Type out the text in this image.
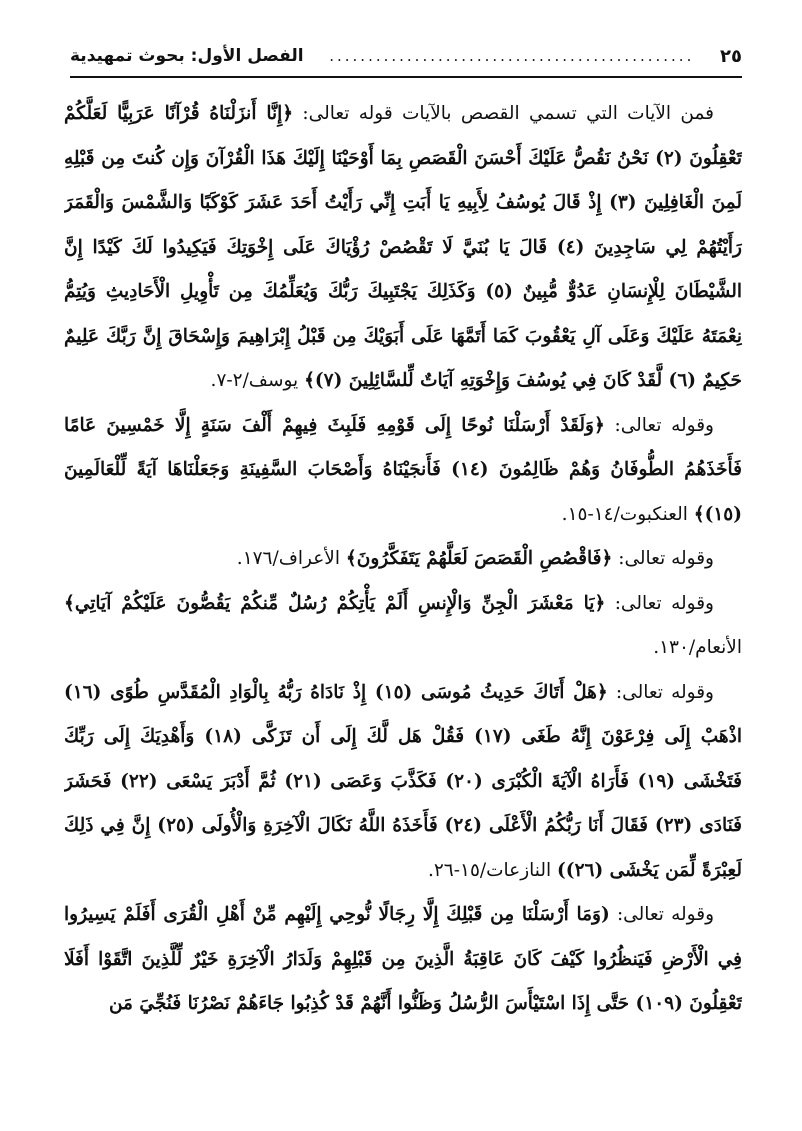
الفصل الأول: بحوث تمهيدية	...............................................	٢٥

فمن الآيات التي تسمي القصص بالآيات قوله تعالى: ﴿إِنَّا أَنزَلْنَاهُ قُرْآنًا عَرَبِيًّا لَعَلَّكُمْ تَعْقِلُونَ (٢) نَحْنُ نَقُصُّ عَلَيْكَ أَحْسَنَ الْقَصَصِ بِمَا أَوْحَيْنَا إِلَيْكَ هَذَا الْقُرْآنَ وَإِن كُنتَ مِن قَبْلِهِ لَمِنَ الْغَافِلِينَ (٣) إِذْ قَالَ يُوسُفُ لِأَبِيهِ يَا أَبَتِ إِنِّي رَأَيْتُ أَحَدَ عَشَرَ كَوْكَبًا وَالشَّمْسَ وَالْقَمَرَ رَأَيْتُهُمْ لِي سَاجِدِينَ (٤) قَالَ يَا بُنَيَّ لَا تَقْصُصْ رُؤْيَاكَ عَلَى إِخْوَتِكَ فَيَكِيدُوا لَكَ كَيْدًا إِنَّ الشَّيْطَانَ لِلْإِنسَانِ عَدُوٌّ مُّبِينٌ (٥) وَكَذَلِكَ يَجْتَبِيكَ رَبُّكَ وَيُعَلِّمُكَ مِن تَأْوِيلِ الْأَحَادِيثِ وَيُتِمُّ نِعْمَتَهُ عَلَيْكَ وَعَلَى آلِ يَعْقُوبَ كَمَا أَتَمَّهَا عَلَى أَبَوَيْكَ مِن قَبْلُ إِبْرَاهِيمَ وَإِسْحَاقَ إِنَّ رَبَّكَ عَلِيمٌ حَكِيمٌ (٦) لَّقَدْ كَانَ فِي يُوسُفَ وَإِخْوَتِهِ آيَاتٌ لِّلسَّائِلِينَ (٧)﴾ يوسف/٢-٧.

وقوله تعالى: ﴿وَلَقَدْ أَرْسَلْنَا نُوحًا إِلَى قَوْمِهِ فَلَبِثَ فِيهِمْ أَلْفَ سَنَةٍ إِلَّا خَمْسِينَ عَامًا فَأَخَذَهُمُ الطُّوفَانُ وَهُمْ ظَالِمُونَ (١٤) فَأَنجَيْنَاهُ وَأَصْحَابَ السَّفِينَةِ وَجَعَلْنَاهَا آيَةً لِّلْعَالَمِينَ (١٥)﴾ العنكبوت/١٤-١٥.

وقوله تعالى: ﴿فَاقْصُصِ الْقَصَصَ لَعَلَّهُمْ يَتَفَكَّرُونَ﴾ الأعراف/١٧٦.

وقوله تعالى: ﴿يَا مَعْشَرَ الْجِنِّ وَالْإِنسِ أَلَمْ يَأْتِكُمْ رُسُلٌ مِّنكُمْ يَقُصُّونَ عَلَيْكُمْ آيَاتِي﴾ الأنعام/١٣٠.

وقوله تعالى: ﴿هَلْ أَتَاكَ حَدِيثُ مُوسَى (١٥) إِذْ نَادَاهُ رَبُّهُ بِالْوَادِ الْمُقَدَّسِ طُوًى (١٦) اذْهَبْ إِلَى فِرْعَوْنَ إِنَّهُ طَغَى (١٧) فَقُلْ هَل لَّكَ إِلَى أَن تَزَكَّى (١٨) وَأَهْدِيَكَ إِلَى رَبِّكَ فَتَخْشَى (١٩) فَأَرَاهُ الْآيَةَ الْكُبْرَى (٢٠) فَكَذَّبَ وَعَصَى (٢١) ثُمَّ أَدْبَرَ يَسْعَى (٢٢) فَحَشَرَ فَنَادَى (٢٣) فَقَالَ أَنَا رَبُّكُمُ الْأَعْلَى (٢٤) فَأَخَذَهُ اللَّهُ نَكَالَ الْآخِرَةِ وَالْأُولَى (٢٥) إِنَّ فِي ذَلِكَ لَعِبْرَةً لِّمَن يَخْشَى (٢٦)) النازعات/١٥-٢٦.

وقوله تعالى: (وَمَا أَرْسَلْنَا مِن قَبْلِكَ إِلَّا رِجَالًا نُّوحِي إِلَيْهِم مِّنْ أَهْلِ الْقُرَى أَفَلَمْ يَسِيرُوا فِي الْأَرْضِ فَيَنظُرُوا كَيْفَ كَانَ عَاقِبَةُ الَّذِينَ مِن قَبْلِهِمْ وَلَدَارُ الْآخِرَةِ خَيْرٌ لِّلَّذِينَ اتَّقَوْا أَفَلَا تَعْقِلُونَ (١٠٩) حَتَّى إِذَا اسْتَيْأَسَ الرُّسُلُ وَظَنُّوا أَنَّهُمْ قَدْ كُذِبُوا جَاءَهُمْ نَصْرُنَا فَنُجِّيَ مَن
